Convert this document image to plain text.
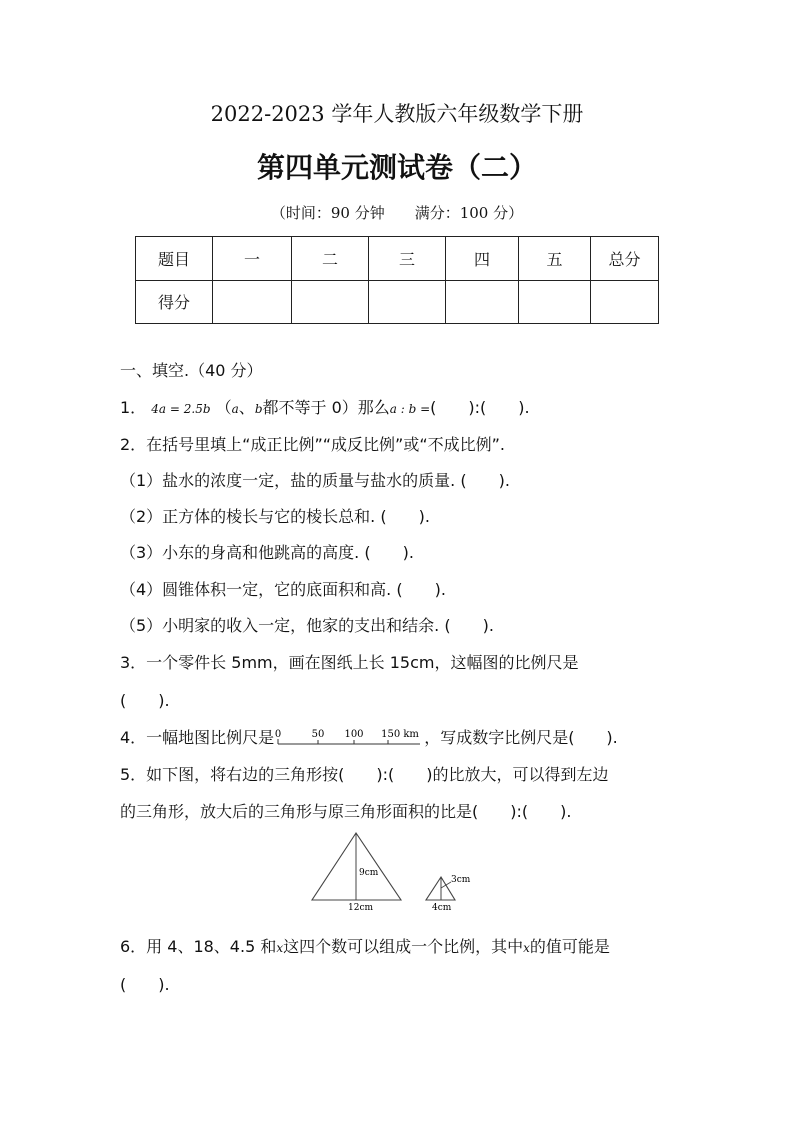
2022-2023 学年人教版六年级数学下册
第四单元测试卷（二）
（时间：90 分钟　　满分：100 分）
题目	一	二	三	四	五	总分
得分						
一、填空.（40 分）
1． 4a = 2.5b （a、b都不等于 0）那么a : b =(　　):(　　).
2．在括号里填上“成正比例”“成反比例”或“不成比例”.
（1）盐水的浓度一定，盐的质量与盐水的质量. (　　).
（2）正方体的棱长与它的棱长总和. (　　).
（3）小东的身高和他跳高的高度. (　　).
（4）圆锥体积一定，它的底面积和高. (　　).
（5）小明家的收入一定，他家的支出和结余. (　　).
3．一个零件长 5mm，画在图纸上长 15cm，这幅图的比例尺是
(　　).
4．一幅地图比例尺是 0	50 100 150 km ，写成数字比例尺是(　　).
5．如下图，将右边的三角形按(　　):(　　)的比放大，可以得到左边
的三角形，放大后的三角形与原三角形面积的比是(　　):(　　).
9cm
12cm
3cm
4cm
6．用 4、18、4.5 和x这四个数可以组成一个比例，其中x的值可能是
(　　).
